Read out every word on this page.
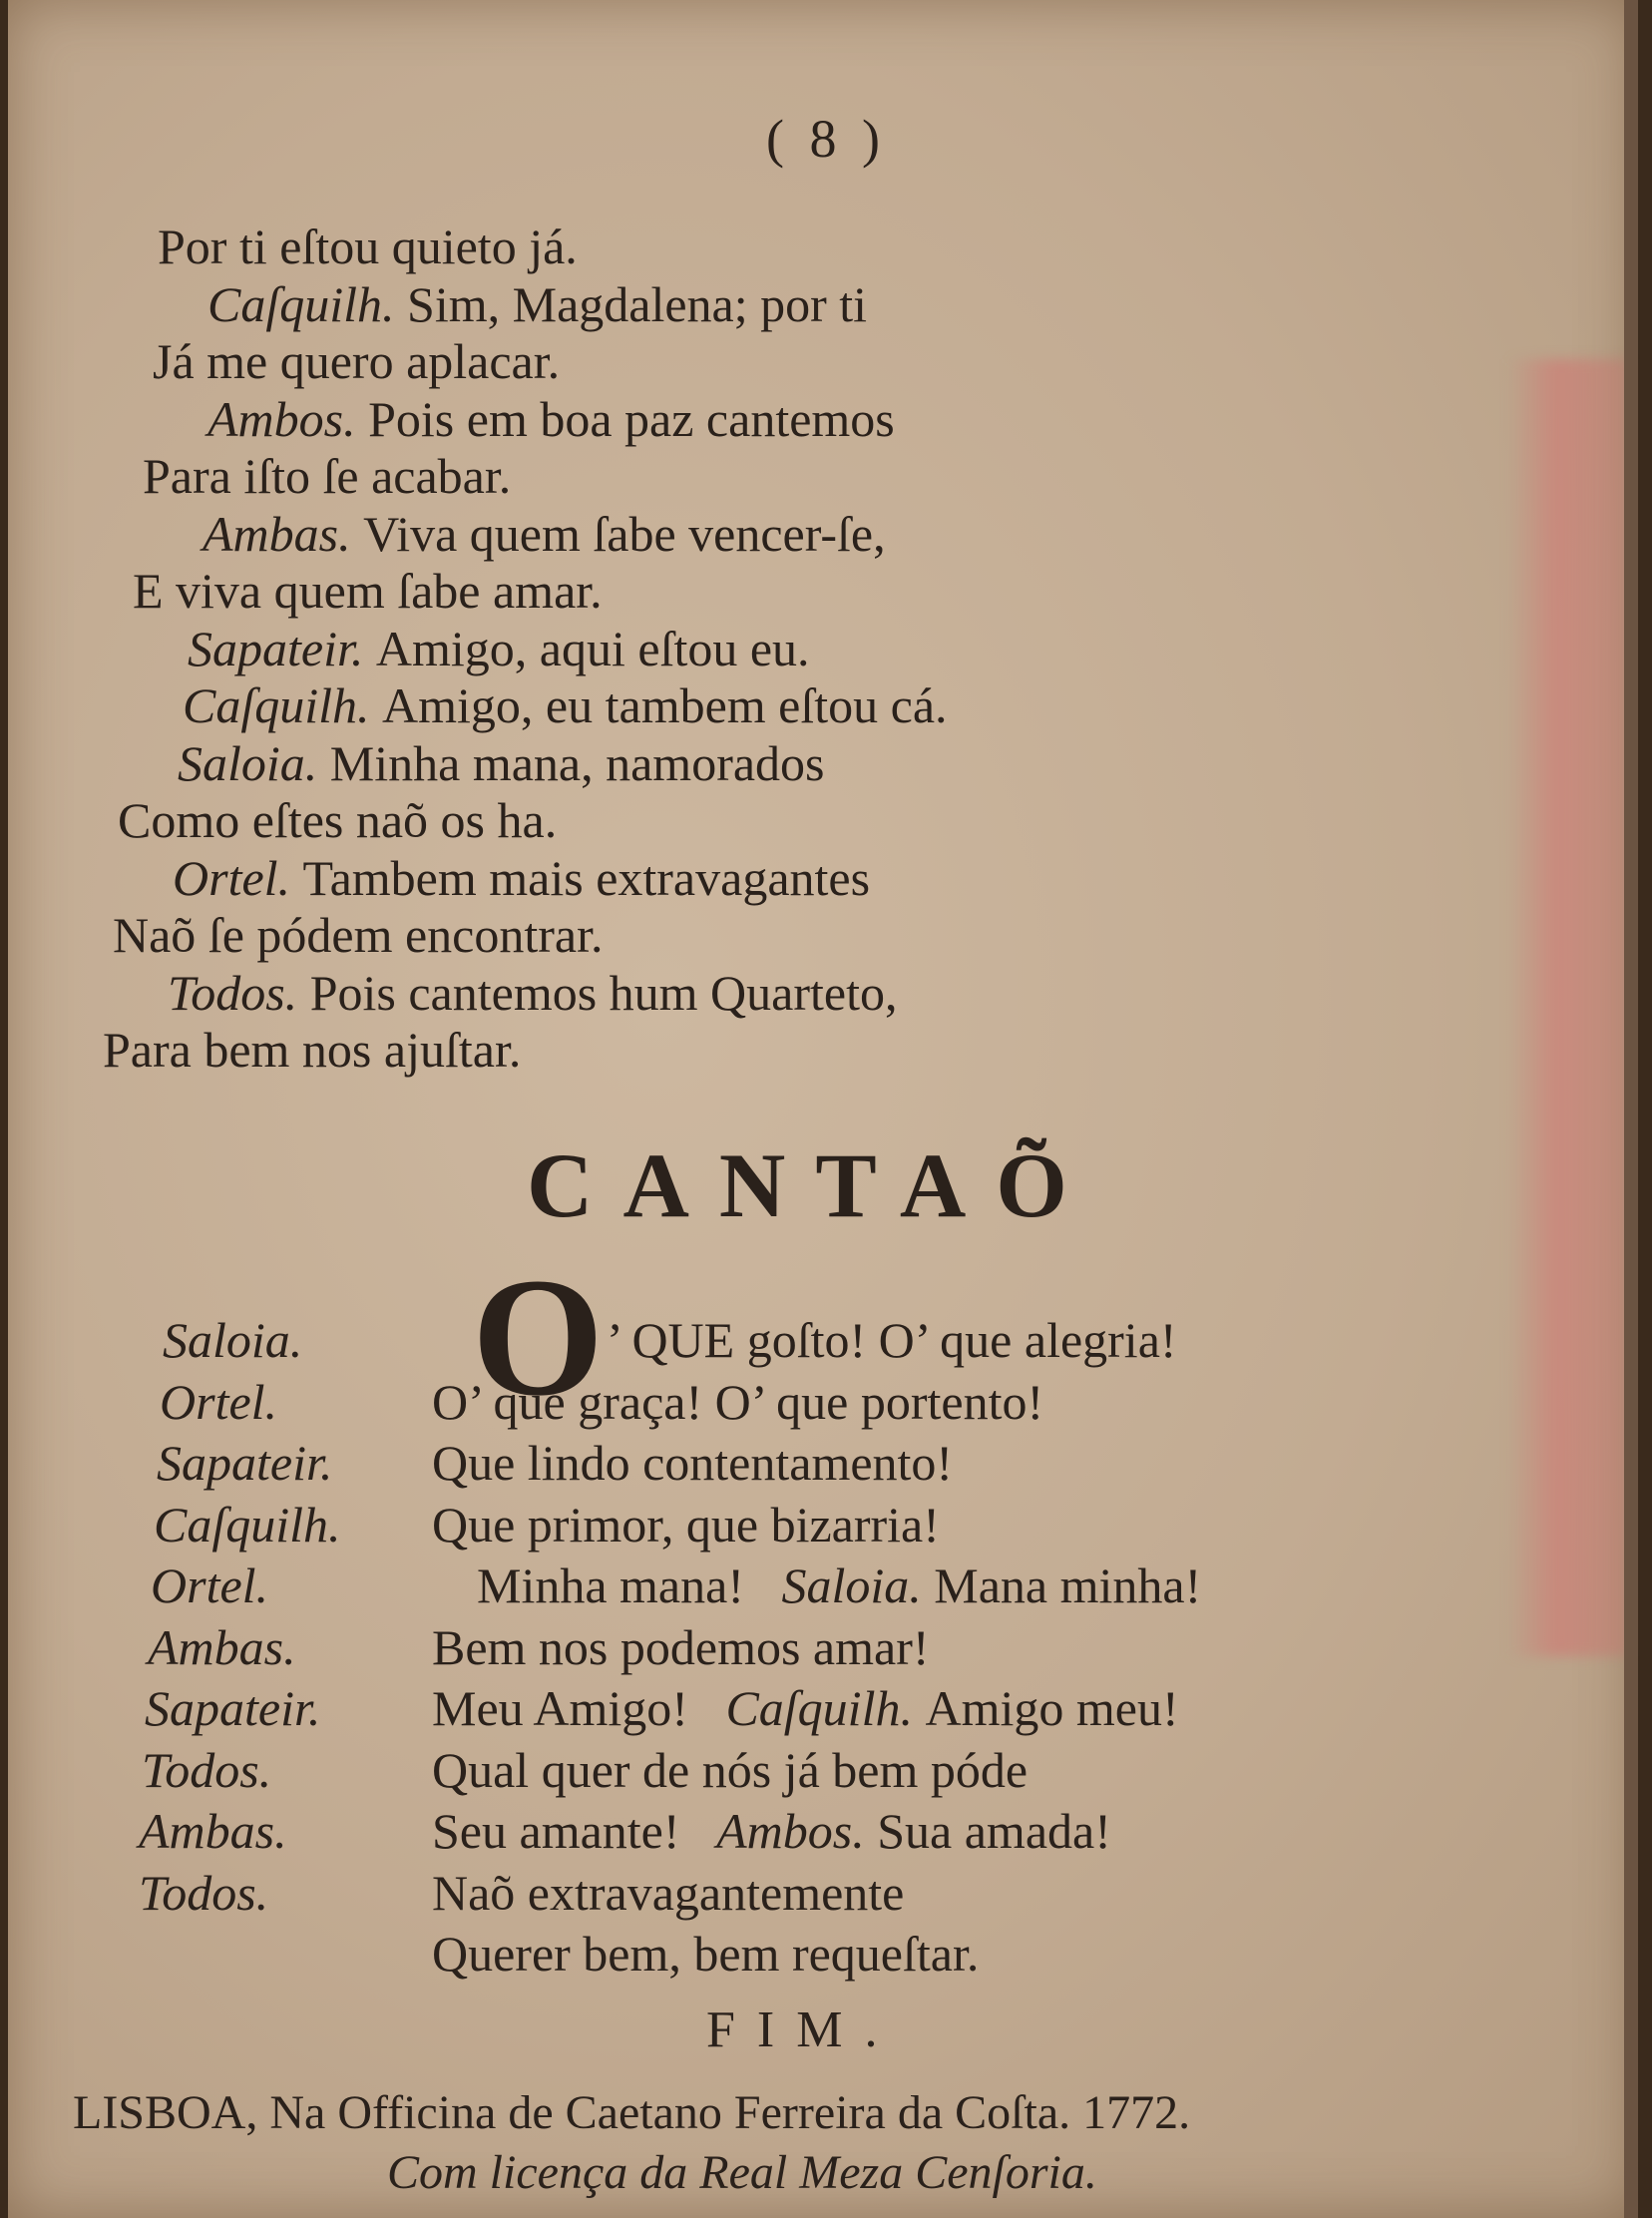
( 8 )
Por ti eſtou quieto já.
Caſquilh. Sim, Magdalena; por ti
Já me quero aplacar.
Ambos. Pois em boa paz cantemos
Para iſto ſe acabar.
Ambas. Viva quem ſabe vencer-ſe,
E viva quem ſabe amar.
Sapateir. Amigo, aqui eſtou eu.
Caſquilh. Amigo, eu tambem eſtou cá.
Saloia. Minha mana, namorados
Como eſtes naõ os ha.
Ortel. Tambem mais extravagantes
Naõ ſe pódem encontrar.
Todos. Pois cantemos hum Quarteto,
Para bem nos ajuſtar.
CANTAÕ
O
Saloia.	’ QUE goſto! O’ que alegria!
Ortel.	O’ que graça! O’ que portento!
Sapateir. Que lindo contentamento!
Caſquilh. Que primor, que bizarria!
Ortel.	Minha mana!   Saloia. Mana minha!
Ambas.	Bem nos podemos amar!
Sapateir. Meu Amigo!   Caſquilh. Amigo meu!
Todos.	Qual quer de nós já bem póde
Ambas.	Seu amante!   Ambos. Sua amada!
Todos.	Naõ extravagantemente
Querer bem, bem requeſtar.
FIM.
LISBOA, Na Officina de Caetano Ferreira da Coſta. 1772.
Com licença da Real Meza Cenſoria.
